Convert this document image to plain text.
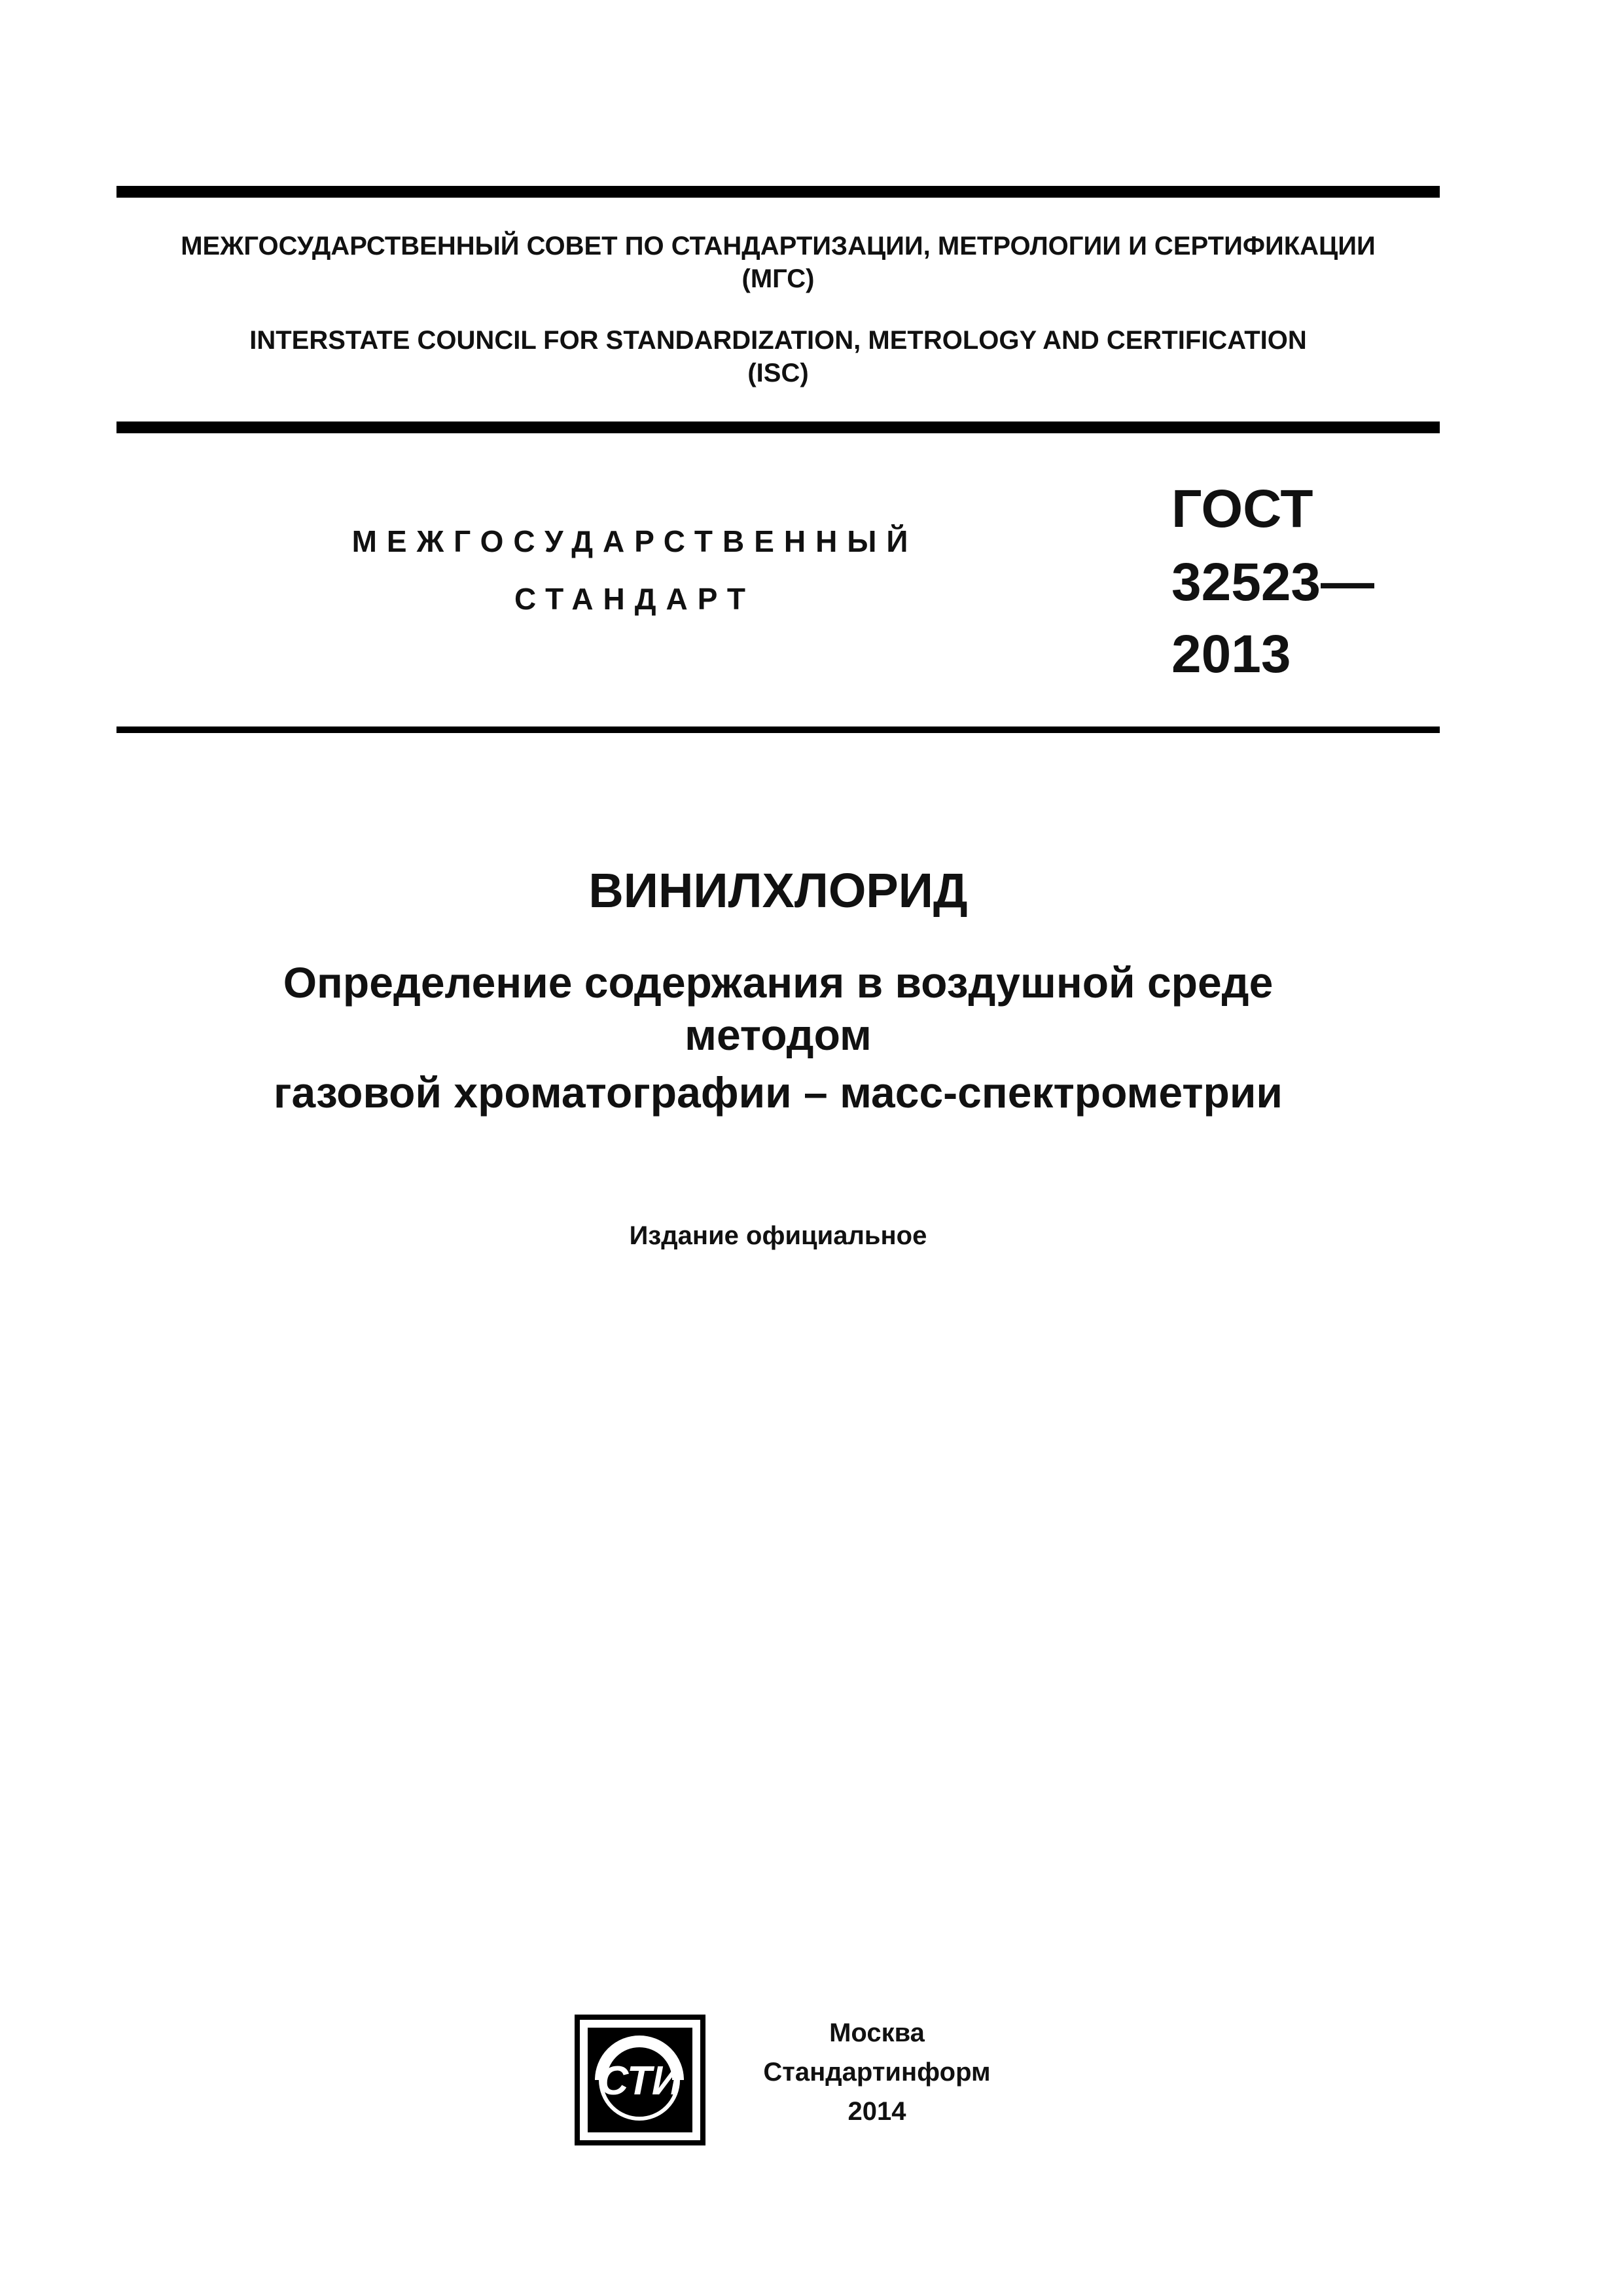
МЕЖГОСУДАРСТВЕННЫЙ СОВЕТ ПО СТАНДАРТИЗАЦИИ, МЕТРОЛОГИИ И СЕРТИФИКАЦИИ
(МГС)
INTERSTATE COUNCIL FOR STANDARDIZATION, METROLOGY AND CERTIFICATION
(ISC)
МЕЖГОСУДАРСТВЕННЫЙ
СТАНДАРТ
ГОСТ
32523—
2013
ВИНИЛХЛОРИД
Определение содержания в воздушной среде
методом
газовой хроматографии – масс-спектрометрии
Издание официальное
СТИ
Москва
Стандартинформ
2014
